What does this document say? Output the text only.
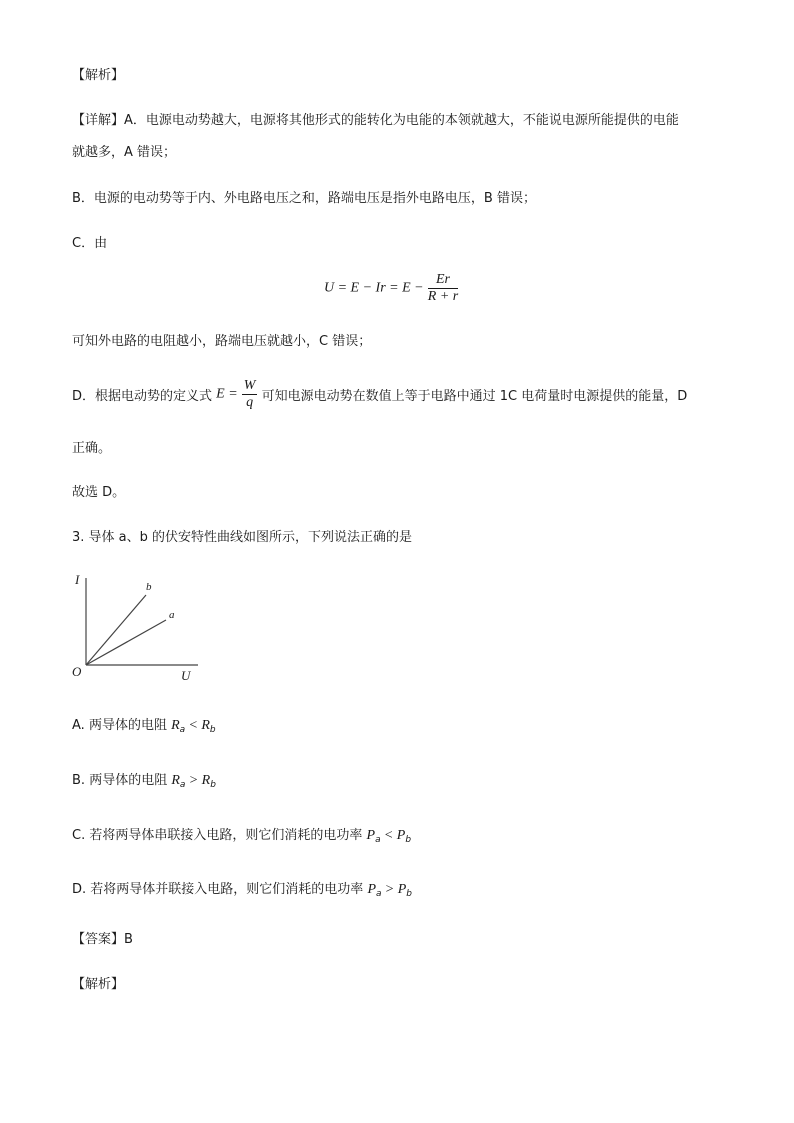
【解析】
【详解】A．电源电动势越大，电源将其他形式的能转化为电能的本领就越大，不能说电源所能提供的电能
就越多，A 错误；
B．电源的电动势等于内、外电路电压之和，路端电压是指外电路电压，B 错误；
C．由
$U = E - Ir = E - \frac{Er}{R + r}$
可知外电路的电阻越小，路端电压就越小，C 错误；
D．根据电动势的定义式 $E = \frac{W}{q}$ 可知电源电动势在数值上等于电路中通过 1C 电荷量时电源提供的能量，D
正确。
故选 D。
3. 导体 a、b 的伏安特性曲线如图所示，下列说法正确的是
I
U
O
b
a
A. 两导体的电阻 $R_a < R_b$
B. 两导体的电阻 $R_a > R_b$
C. 若将两导体串联接入电路，则它们消耗的电功率 $P_a < P_b$
D. 若将两导体并联接入电路，则它们消耗的电功率 $P_a > P_b$
【答案】B
【解析】
